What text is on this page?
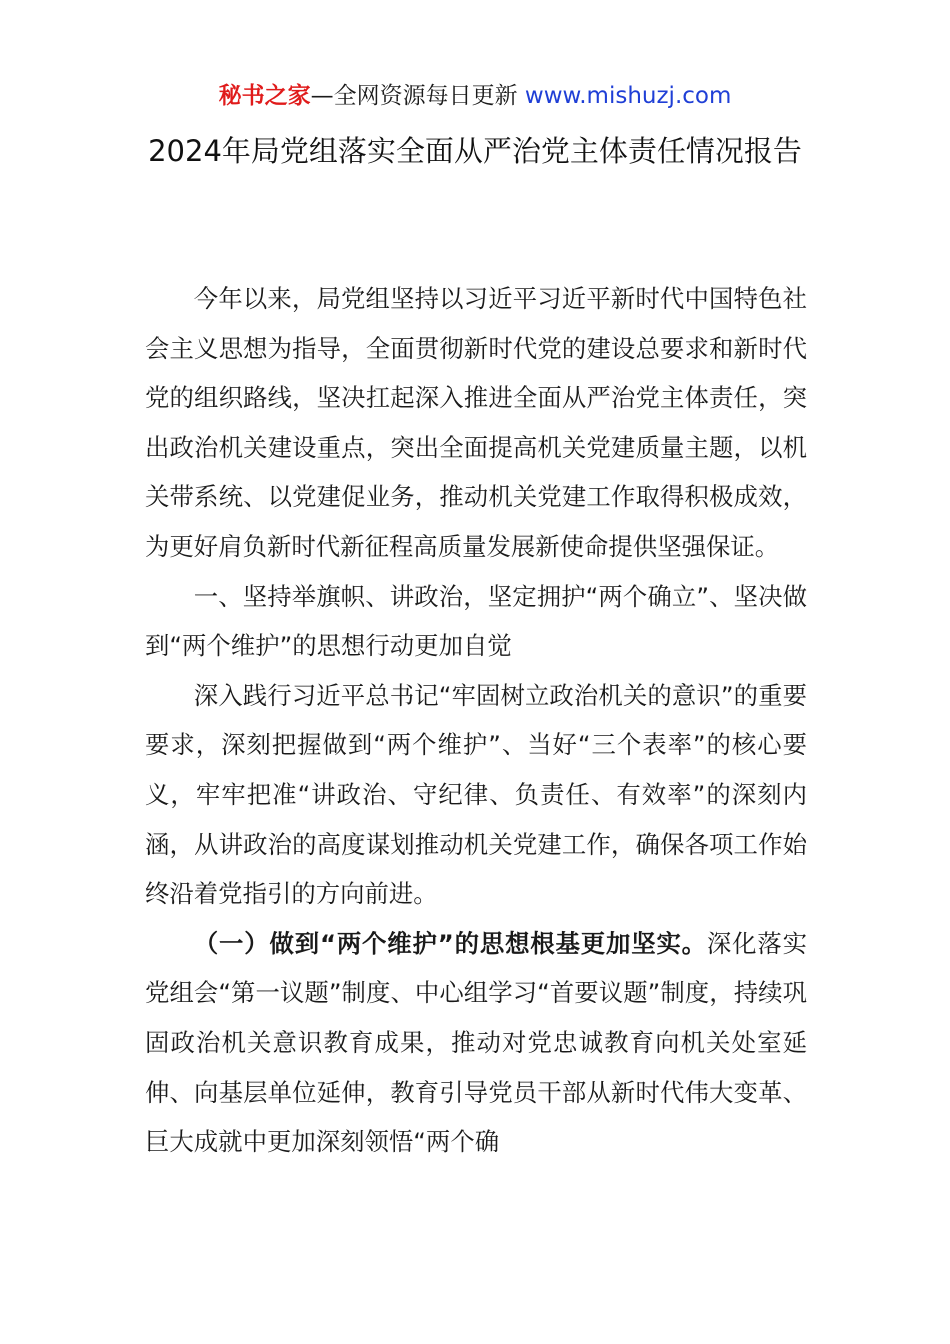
秘书之家—全网资源每日更新 www.mishuzj.com
2024年局党组落实全面从严治党主体责任情况报告

今年以来，局党组坚持以习近平习近平新时代中国特色社会主义思想为指导，全面贯彻新时代党的建设总要求和新时代党的组织路线，坚决扛起深入推进全面从严治党主体责任，突出政治机关建设重点，突出全面提高机关党建质量主题，以机关带系统、以党建促业务，推动机关党建工作取得积极成效，为更好肩负新时代新征程高质量发展新使命提供坚强保证。

一、坚持举旗帜、讲政治，坚定拥护“两个确立”、坚决做到“两个维护”的思想行动更加自觉

深入践行习近平总书记“牢固树立政治机关的意识”的重要要求，深刻把握做到“两个维护”、当好“三个表率”的核心要义，牢牢把准“讲政治、守纪律、负责任、有效率”的深刻内涵，从讲政治的高度谋划推动机关党建工作，确保各项工作始终沿着党指引的方向前进。

（一）做到“两个维护”的思想根基更加坚实。深化落实党组会“第一议题”制度、中心组学习“首要议题”制度，持续巩固政治机关意识教育成果，推动对党忠诚教育向机关处室延伸、向基层单位延伸，教育引导党员干部从新时代伟大变革、巨大成就中更加深刻领悟“两个确
